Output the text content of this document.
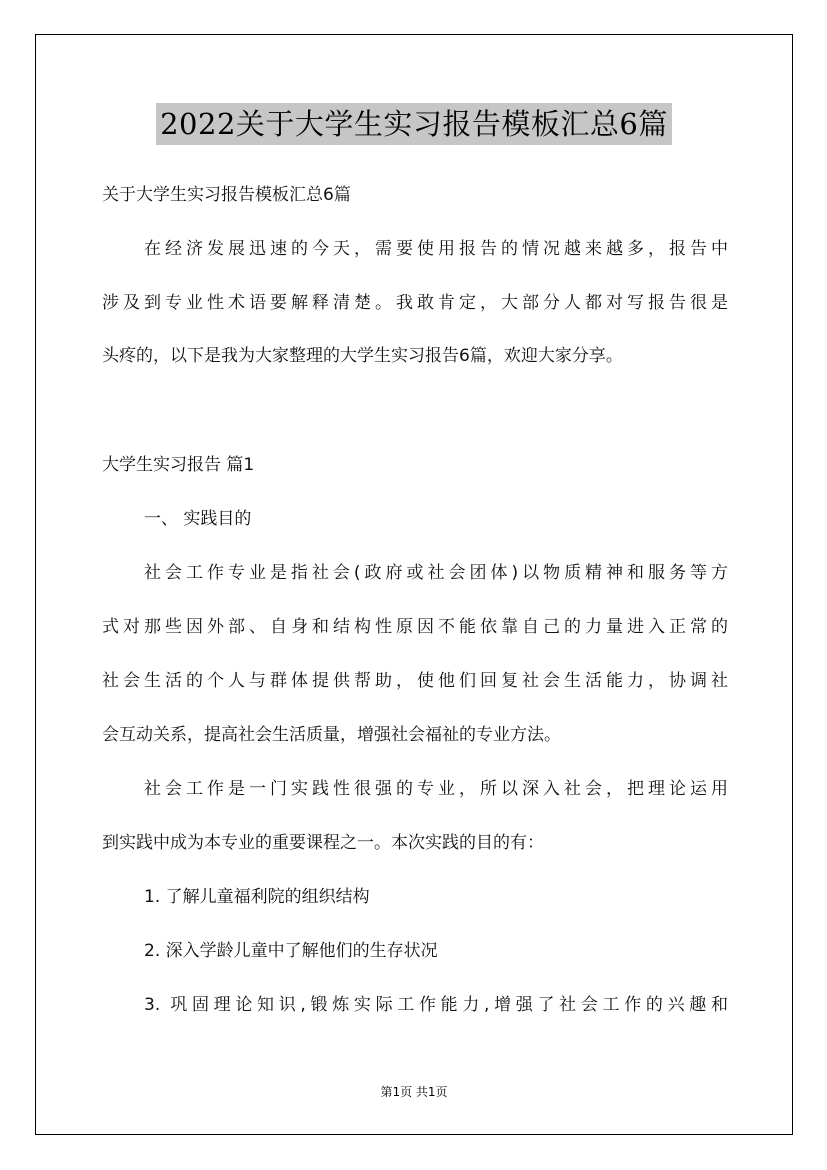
2022关于大学生实习报告模板汇总6篇
关于大学生实习报告模板汇总6篇
在经济发展迅速的今天，需要使用报告的情况越来越多，报告中
涉及到专业性术语要解释清楚。我敢肯定，大部分人都对写报告很是
头疼的，以下是我为大家整理的大学生实习报告6篇，欢迎大家分享。
大学生实习报告 篇1
一、 实践目的
社会工作专业是指社会(政府或社会团体)以物质精神和服务等方
式对那些因外部、自身和结构性原因不能依靠自己的力量进入正常的
社会生活的个人与群体提供帮助，使他们回复社会生活能力，协调社
会互动关系，提高社会生活质量，增强社会福祉的专业方法。
社会工作是一门实践性很强的专业，所以深入社会，把理论运用
到实践中成为本专业的重要课程之一。本次实践的目的有：
1. 了解儿童福利院的组织结构
2. 深入学龄儿童中了解他们的生存状况
3. 巩固理论知识,锻炼实际工作能力,增强了社会工作的兴趣和
第1页 共1页
